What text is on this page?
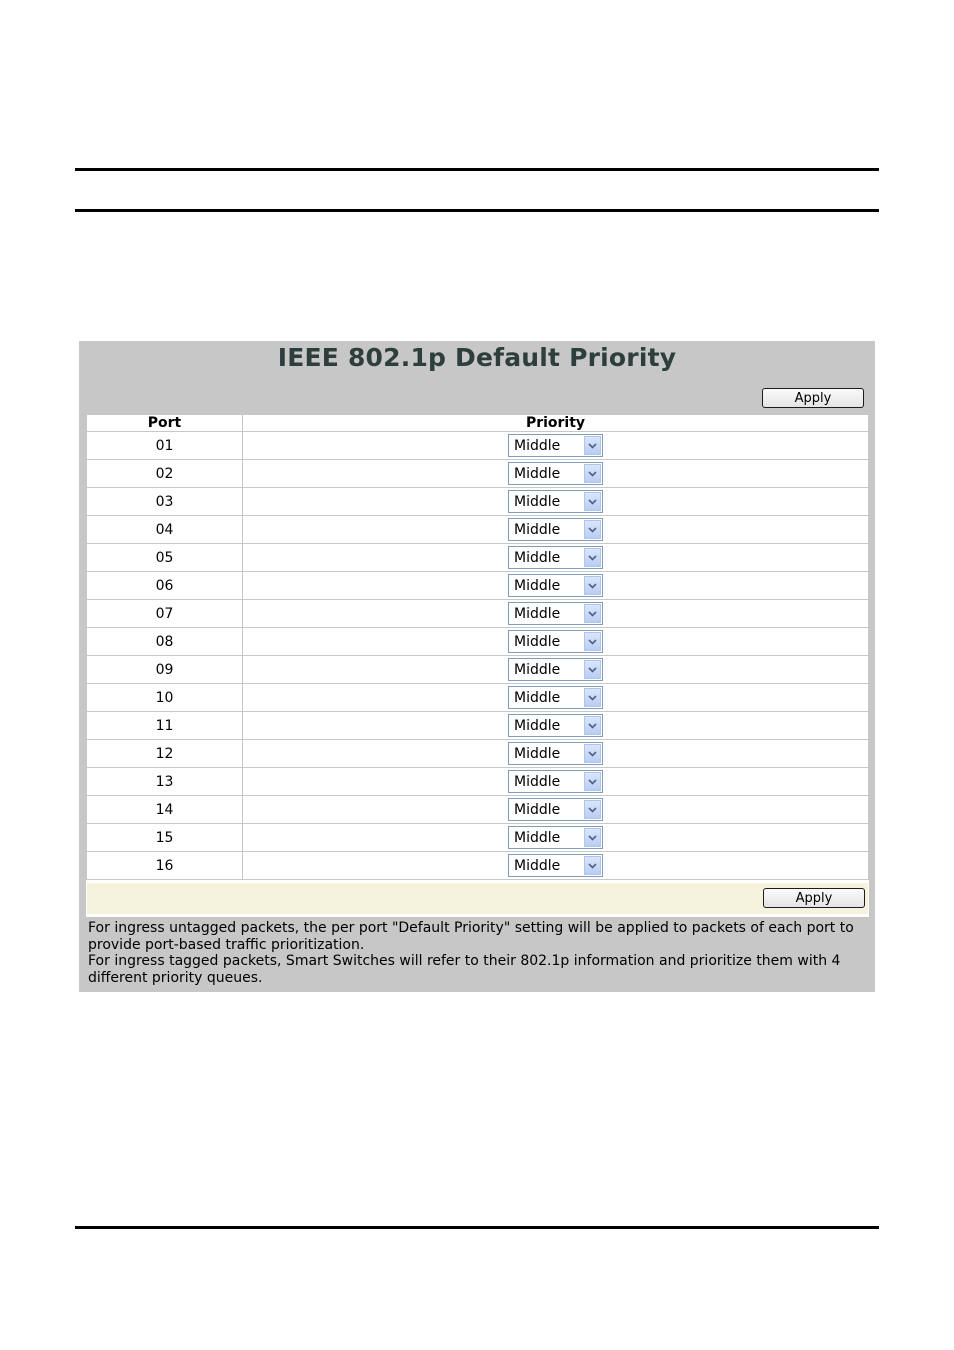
IEEE 802.1p Default Priority
Apply
Port	Priority
01	Middle

02	Middle

03	Middle

04	Middle

05	Middle

06	Middle

07	Middle

08	Middle

09	Middle

10	Middle

11	Middle

12	Middle

13	Middle

14	Middle

15	Middle

16	Middle
Apply
For ingress untagged packets, the per port "Default Priority" setting will be applied to packets of each port to provide port-based traffic prioritization.
For ingress tagged packets, Smart Switches will refer to their 802.1p information and prioritize them with 4 different priority queues.
